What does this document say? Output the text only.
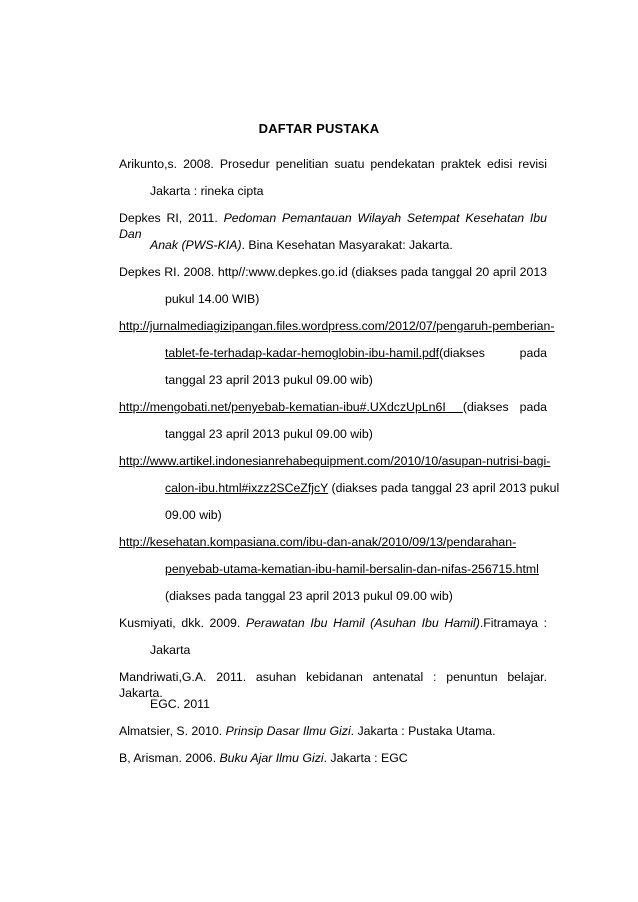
DAFTAR PUSTAKA
Arikunto,s. 2008. Prosedur penelitian suatu pendekatan praktek edisi revisi
Jakarta : rineka cipta
Depkes RI, 2011. Pedoman Pemantauan Wilayah Setempat Kesehatan Ibu Dan
Anak (PWS-KIA). Bina Kesehatan Masyarakat: Jakarta.
Depkes RI. 2008. http//:www.depkes.go.id (diakses pada tanggal 20 april 2013
pukul 14.00 WIB)
http://jurnalmediagizipangan.files.wordpress.com/2012/07/pengaruh-pemberian-
tablet-fe-terhadap-kadar-hemoglobin-ibu-hamil.pdf (diakses	pada
tanggal 23 april 2013 pukul 09.00 wib)
http://mengobati.net/penyebab-kematian-ibu#.UXdczUpLn6I	(diakses pada
tanggal 23 april 2013 pukul 09.00 wib)
http://www.artikel.indonesianrehabequipment.com/2010/10/asupan-nutrisi-bagi-
calon-ibu.html#ixzz2SCeZfjcY (diakses pada tanggal 23 april 2013 pukul
09.00 wib)
http://kesehatan.kompasiana.com/ibu-dan-anak/2010/09/13/pendarahan-
penyebab-utama-kematian-ibu-hamil-bersalin-dan-nifas-256715.html
(diakses pada tanggal 23 april 2013 pukul 09.00 wib)
Kusmiyati, dkk. 2009. Perawatan Ibu Hamil (Asuhan Ibu Hamil).Fitramaya :
Jakarta
Mandriwati,G.A. 2011. asuhan kebidanan antenatal : penuntun belajar. Jakarta.
EGC. 2011
Almatsier, S. 2010. Prinsip Dasar Ilmu Gizi. Jakarta : Pustaka Utama.
B, Arisman. 2006. Buku Ajar Ilmu Gizi. Jakarta : EGC
